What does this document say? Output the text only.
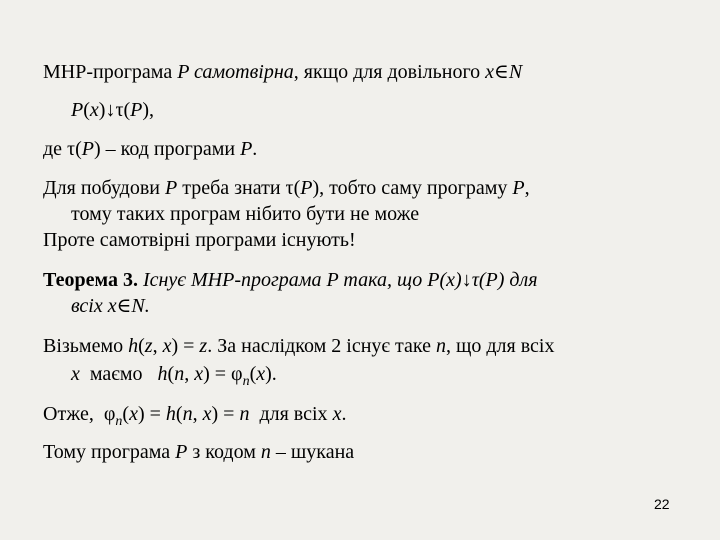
МНР-програма P самотвірна, якщо для довільного x∈N
P(x)↓τ(P),
де τ(P) – код програми P.
Для побудови P треба знати τ(P), тобто саму програму P,
тому таких програм нібито бути не може
Проте самотвірні програми існують!
Теорема 3. Існує МНР-програма P така, що P(x)↓τ(P) для
всіх x∈N.
Візьмемо h(z, x) = z. За наслідком 2 існує таке n, що для всіх
x  маємо   h(n, $x) = \varphi_n(x)$.
Отже,  $\varphi_n(x) = h(n$, x) = n  для всіх x.
Тому програма P з кодом n – шукана
22
